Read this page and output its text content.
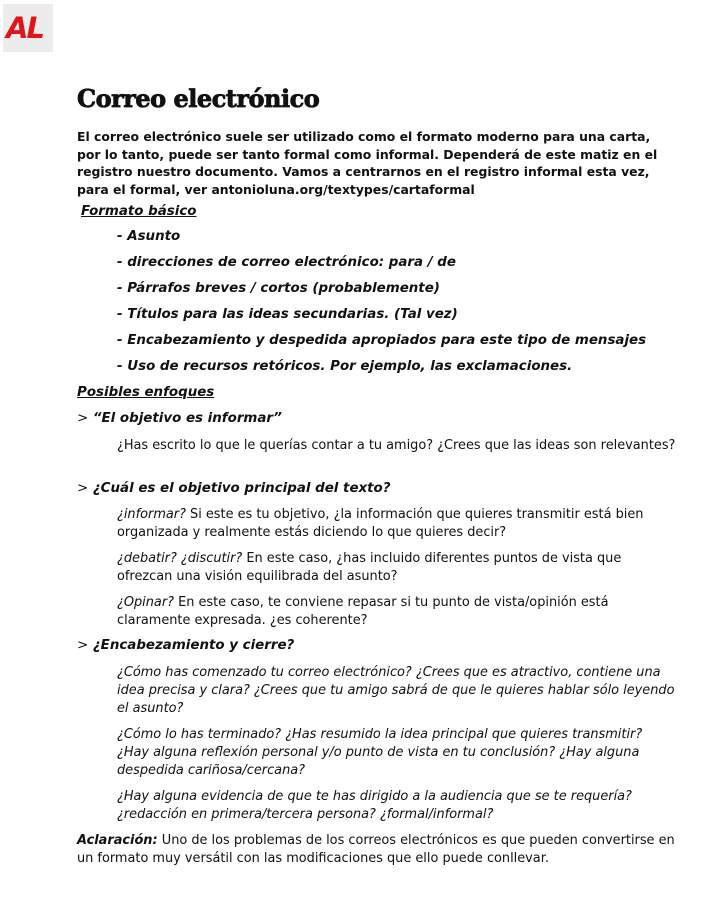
AL
Correo electrónico
El correo electrónico suele ser utilizado como el formato moderno para una carta, por lo tanto, puede ser tanto formal como informal. Dependerá de este matiz en el registro nuestro documento. Vamos a centrarnos en el registro informal esta vez, para el formal, ver antonioluna.org/textypes/cartaformal
Formato básico
- Asunto
- direcciones de correo electrónico: para / de
- Párrafos breves / cortos (probablemente)
- Títulos para las ideas secundarias. (Tal vez)
- Encabezamiento y despedida apropiados para este tipo de mensajes
- Uso de recursos retóricos. Por ejemplo, las exclamaciones.
Posibles enfoques
> “El objetivo es informar”
¿Has escrito lo que le querías contar a tu amigo? ¿Crees que las ideas son relevantes?
> ¿Cuál es el objetivo principal del texto?
¿informar? Si este es tu objetivo, ¿la información que quieres transmitir está bien organizada y realmente estás diciendo lo que quieres decir?
¿debatir? ¿discutir? En este caso, ¿has incluido diferentes puntos de vista que ofrezcan una visión equilibrada del asunto?
¿Opinar? En este caso, te conviene repasar si tu punto de vista/opinión está claramente expresada. ¿es coherente?
> ¿Encabezamiento y cierre?
¿Cómo has comenzado tu correo electrónico? ¿Crees que es atractivo, contiene una idea precisa y clara? ¿Crees que tu amigo sabrá de que le quieres hablar sólo leyendo el asunto?
¿Cómo lo has terminado? ¿Has resumido la idea principal que quieres transmitir? ¿Hay alguna reflexión personal y/o punto de vista en tu conclusión? ¿Hay alguna despedida cariñosa/cercana?
¿Hay alguna evidencia de que te has dirigido a la audiencia que se te requería? ¿redacción en primera/tercera persona? ¿formal/informal?
Aclaración: Uno de los problemas de los correos electrónicos es que pueden convertirse en un formato muy versátil con las modificaciones que ello puede conllevar.
